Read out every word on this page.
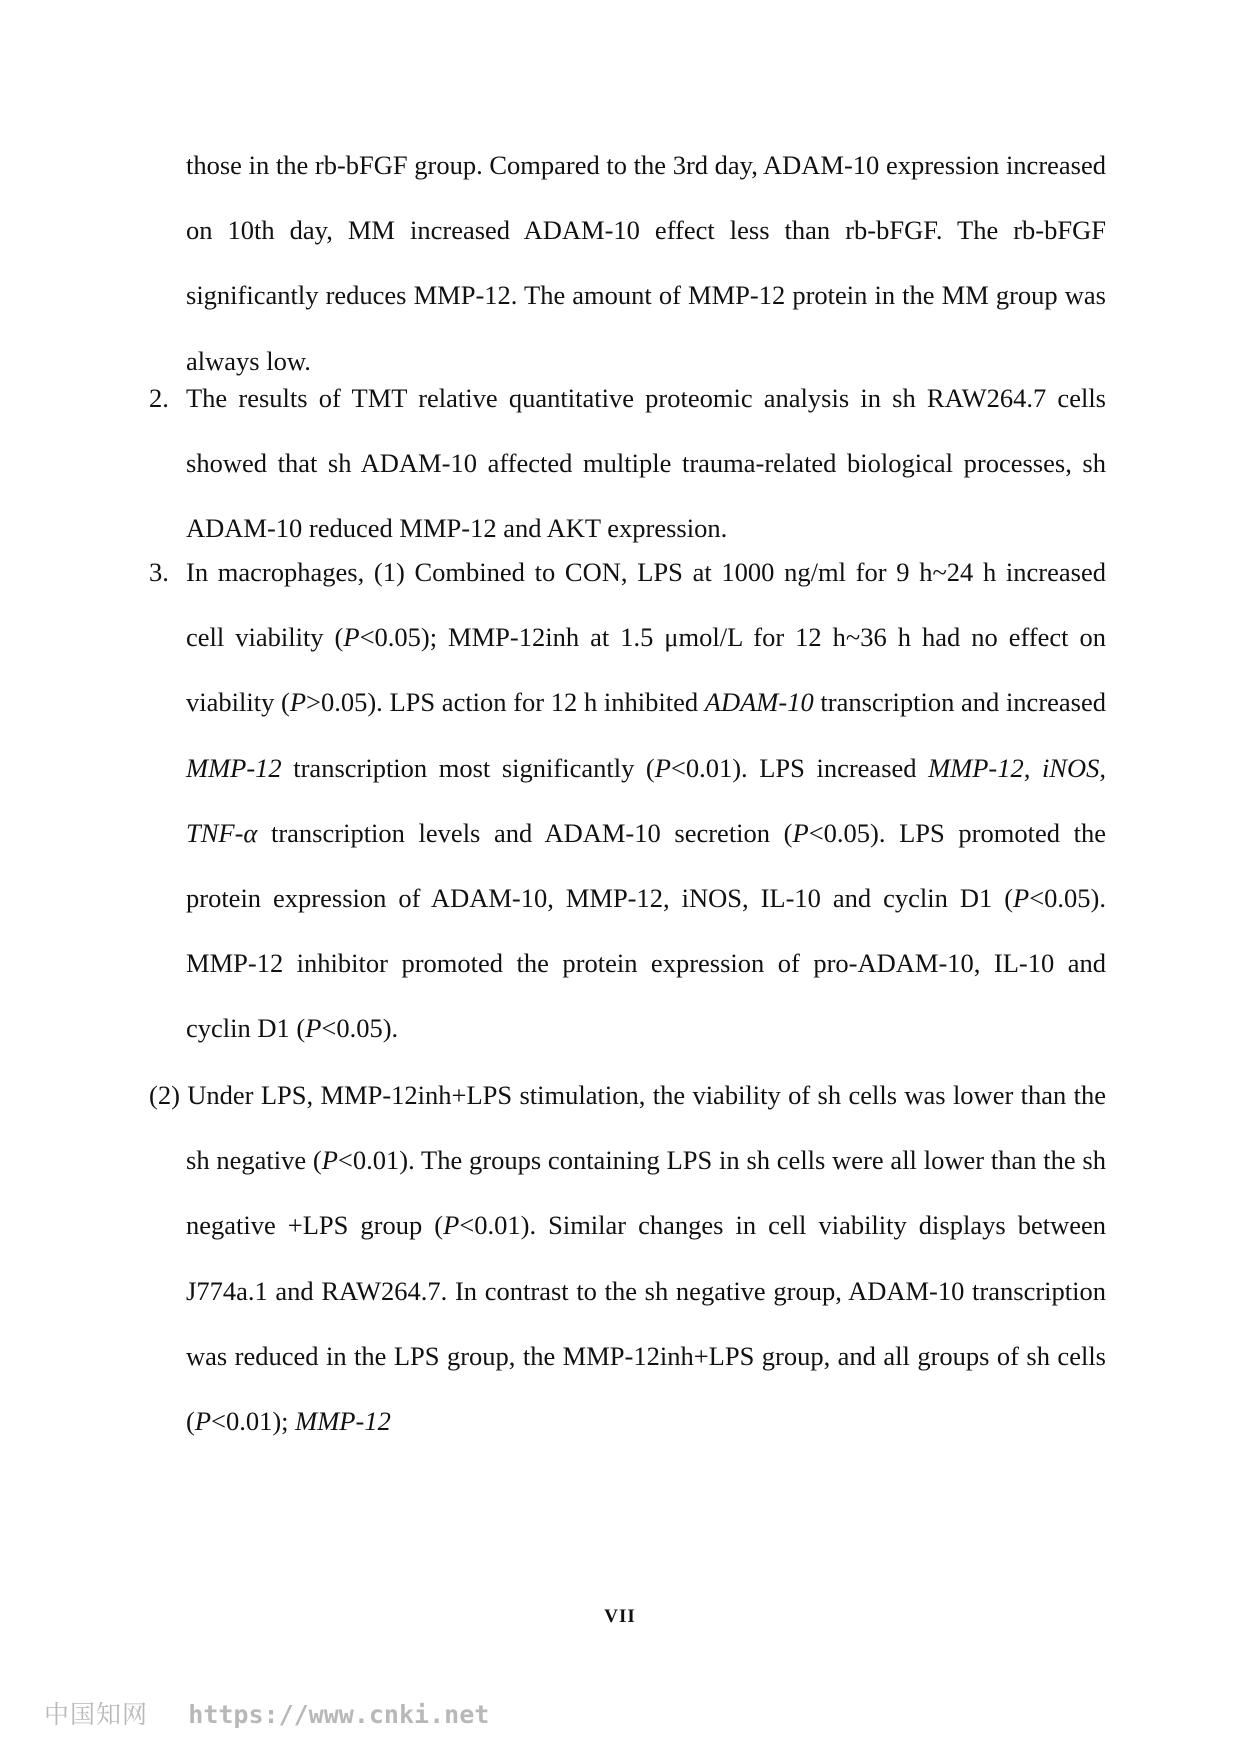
those in the rb-bFGF group. Compared to the 3rd day, ADAM-10 expression increased on 10th day, MM increased ADAM-10 effect less than rb-bFGF. The rb-bFGF significantly reduces MMP-12. The amount of MMP-12 protein in the MM group was always low.

2. The results of TMT relative quantitative proteomic analysis in sh RAW264.7 cells showed that sh ADAM-10 affected multiple trauma-related biological processes, sh ADAM-10 reduced MMP-12 and AKT expression.
3. In macrophages, (1) Combined to CON, LPS at 1000 ng/ml for 9 h~24 h increased cell viability (P<0.05); MMP-12inh at 1.5 μmol/L for 12 h~36 h had no effect on viability (P>0.05). LPS action for 12 h inhibited ADAM-10 transcription and increased MMP-12 transcription most significantly (P<0.01). LPS increased MMP-12, iNOS, TNF-α transcription levels and ADAM-10 secretion (P<0.05). LPS promoted the protein expression of ADAM-10, MMP-12, iNOS, IL-10 and cyclin D1 (P<0.05). MMP-12 inhibitor promoted the protein expression of pro-ADAM-10, IL-10 and cyclin D1 (P<0.05).
(2) Under LPS, MMP-12inh+LPS stimulation, the viability of sh cells was lower than the sh negative (P<0.01). The groups containing LPS in sh cells were all lower than the sh negative +LPS group (P<0.01). Similar changes in cell viability displays between J774a.1 and RAW264.7. In contrast to the sh negative group, ADAM-10 transcription was reduced in the LPS group, the MMP-12inh+LPS group, and all groups of sh cells (P<0.01); MMP-12
VII
中国知网 https://www.cnki.net
